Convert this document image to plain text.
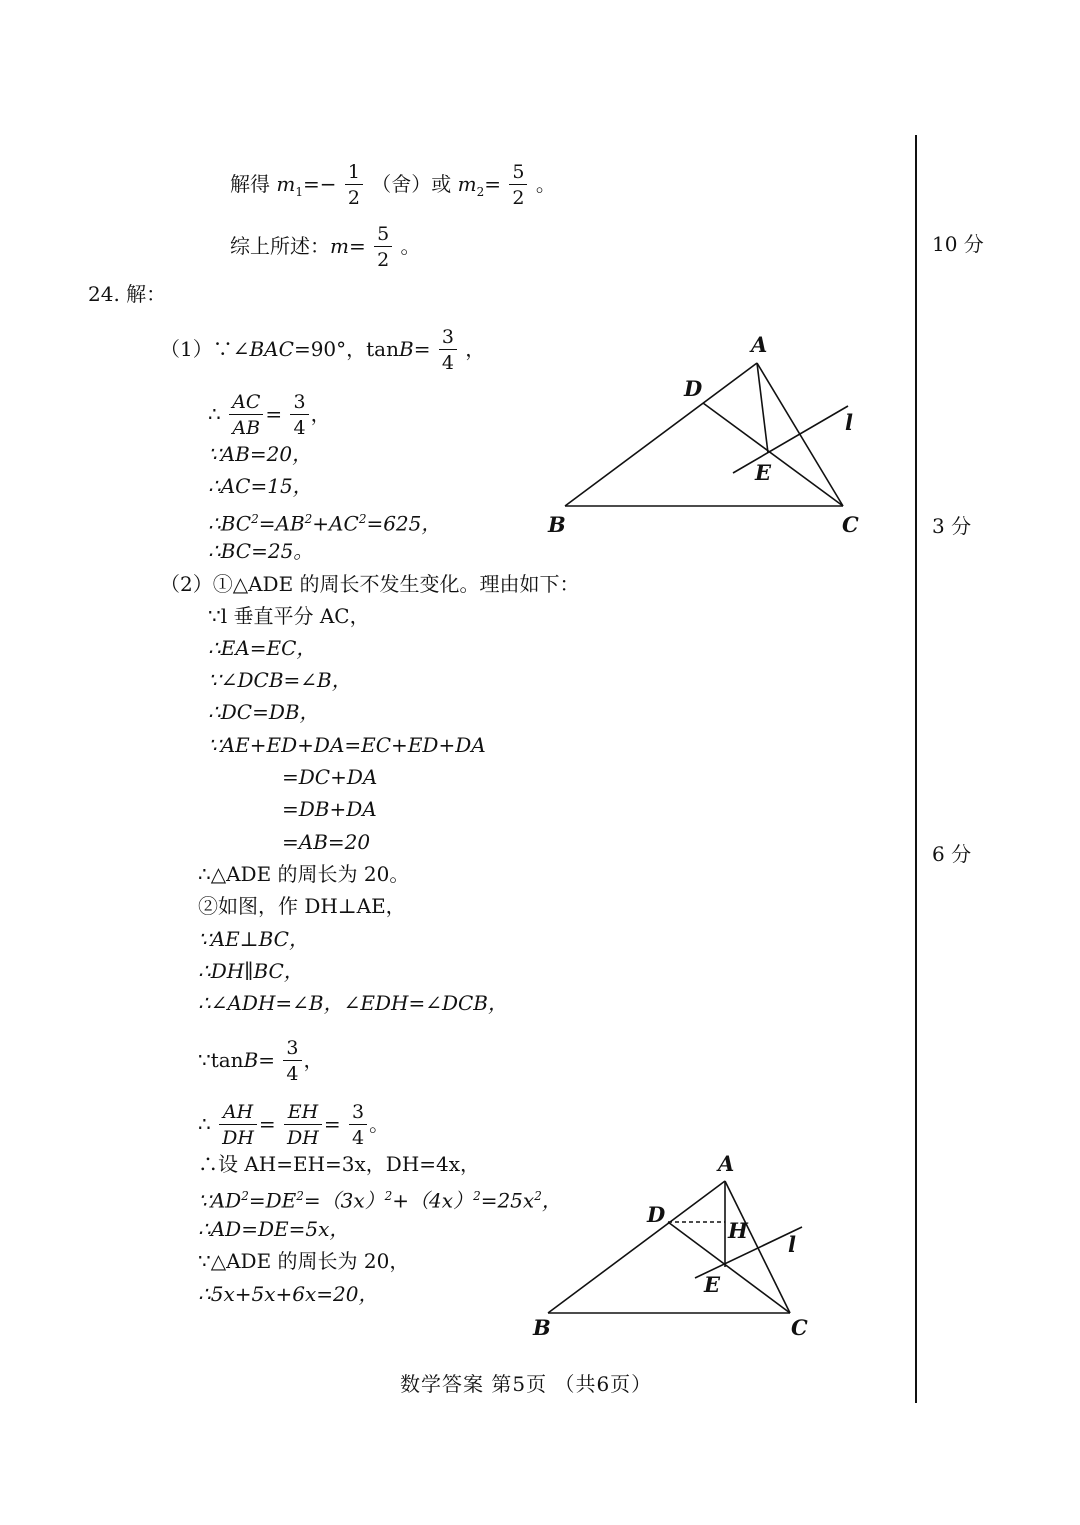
解得 $m_1=- \frac{1}{2}$ （舍）或 $m_2= \frac{5}{2}$ 。
综上所述：$m= \frac{5}{2}$ 。
24. 解：
（1）∵∠BAC=90°，$\tan B= \frac{3}{4}$ ，
∴ $\frac{AC}{AB} = \frac{3}{4}$ ，
∵AB=20，
∴AC=15，
$\therefore BC^2=AB^2+AC^2=625$，
∴BC=25。
（2）①△ADE 的周长不发生变化。理由如下：
∵l 垂直平分 AC，
∴EA=EC，
∵∠DCB=∠B，
∴DC=DB，
∵AE+ED+DA=EC+ED+DA
=DC+DA
=DB+DA
=AB=20
∴△ADE 的周长为 20。
②如图，作 DH⊥AE，
∵AE⊥BC，
∴DH∥BC，
∴∠ADH=∠B，∠EDH=∠DCB，
∵tanB= $\frac{3}{4}$ ，
∴ $\frac{AH}{DH} = \frac{EH}{DH} = \frac{3}{4}$ 。
∴设 AH=EH=3x，DH=4x，
$\because AD^2=DE^2=(3x)^2+(4x)^2=25x^2$，
∴AD=DE=5x，
∵△ADE 的周长为 20，
∴5x+5x+6x=20，
10 分
3 分
6 分
A
D
l
E
B	C
A
D
H
l
E
B	C
数学答案 第5页 （共6页）
